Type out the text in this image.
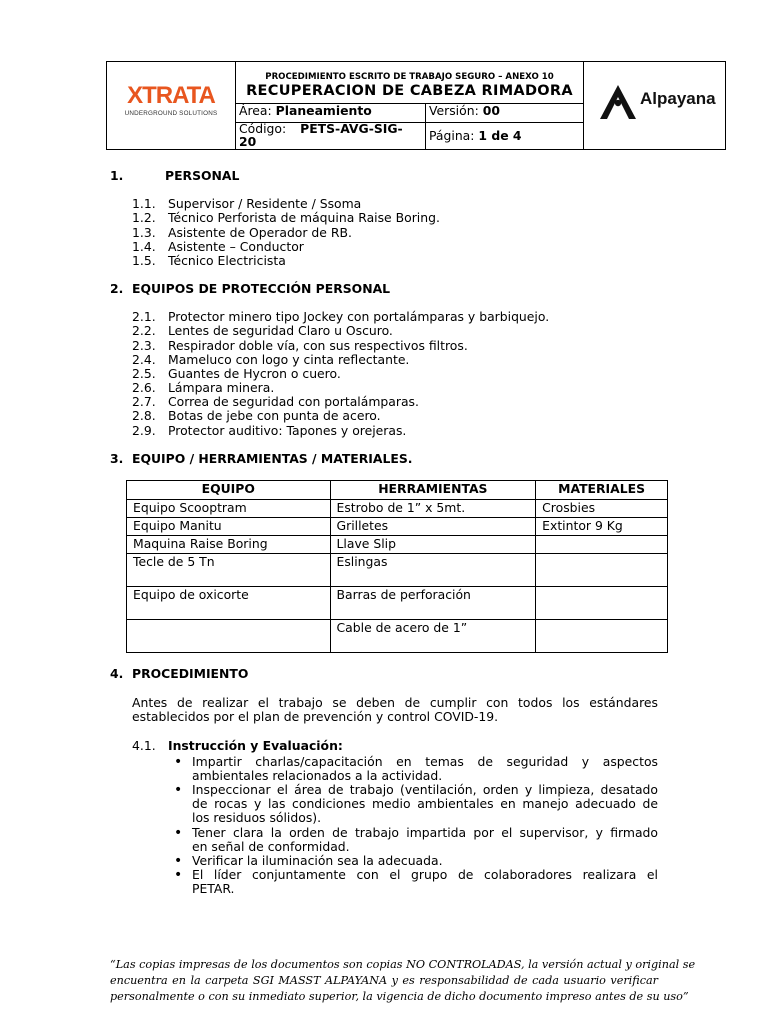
XTRATA
UNDERGROUND SOLUTIONS
PROCEDIMIENTO ESCRITO DE TRABAJO SEGURO – ANEXO 10
RECUPERACION DE CABEZA RIMADORA
Área: Planeamiento	Versión: 00
Código: PETS-AVG-SIG-
20	Página: 1 de 4
Alpayana
1.	PERSONAL
1.1. Supervisor / Residente / Ssoma
1.2. Técnico Perforista de máquina Raise Boring.
1.3. Asistente de Operador de RB.
1.4. Asistente – Conductor
1.5. Técnico Electricista
2. EQUIPOS DE PROTECCIÓN PERSONAL
2.1. Protector minero tipo Jockey con portalámparas y barbiquejo.
2.2. Lentes de seguridad Claro u Oscuro.
2.3. Respirador doble vía, con sus respectivos filtros.
2.4. Mameluco con logo y cinta reflectante.
2.5. Guantes de Hycron o cuero.
2.6. Lámpara minera.
2.7. Correa de seguridad con portalámparas.
2.8. Botas de jebe con punta de acero.
2.9. Protector auditivo: Tapones y orejeras.
3. EQUIPO / HERRAMIENTAS / MATERIALES.
EQUIPO	HERRAMIENTAS	MATERIALES
Equipo Scooptram	Estrobo de 1” x 5mt.	Crosbies
Equipo Manitu	Grilletes	Extintor 9 Kg
Maquina Raise Boring	Llave Slip	
Tecle de 5 Tn	Eslingas	
Equipo de oxicorte	Barras de perforación	
	Cable de acero de 1”	
4. PROCEDIMIENTO
Antes de realizar el trabajo se deben de cumplir con todos los estándares
establecidos por el plan de prevención y control COVID-19.
4.1. Instrucción y Evaluación:
• Impartir charlas/capacitación en temas de seguridad y aspectos
ambientales relacionados a la actividad.
• Inspeccionar el área de trabajo (ventilación, orden y limpieza, desatado
de rocas y las condiciones medio ambientales en manejo adecuado de
los residuos sólidos).
• Tener clara la orden de trabajo impartida por el supervisor, y firmado
en señal de conformidad.
• Verificar la iluminación sea la adecuada.
• El líder conjuntamente con el grupo de colaboradores realizara el
PETAR.
“Las copias impresas de los documentos son copias NO CONTROLADAS, la versión actual y original se
encuentra en la carpeta SGI MASST ALPAYANA y es responsabilidad de cada usuario verificar
personalmente o con su inmediato superior, la vigencia de dicho documento impreso antes de su uso”
